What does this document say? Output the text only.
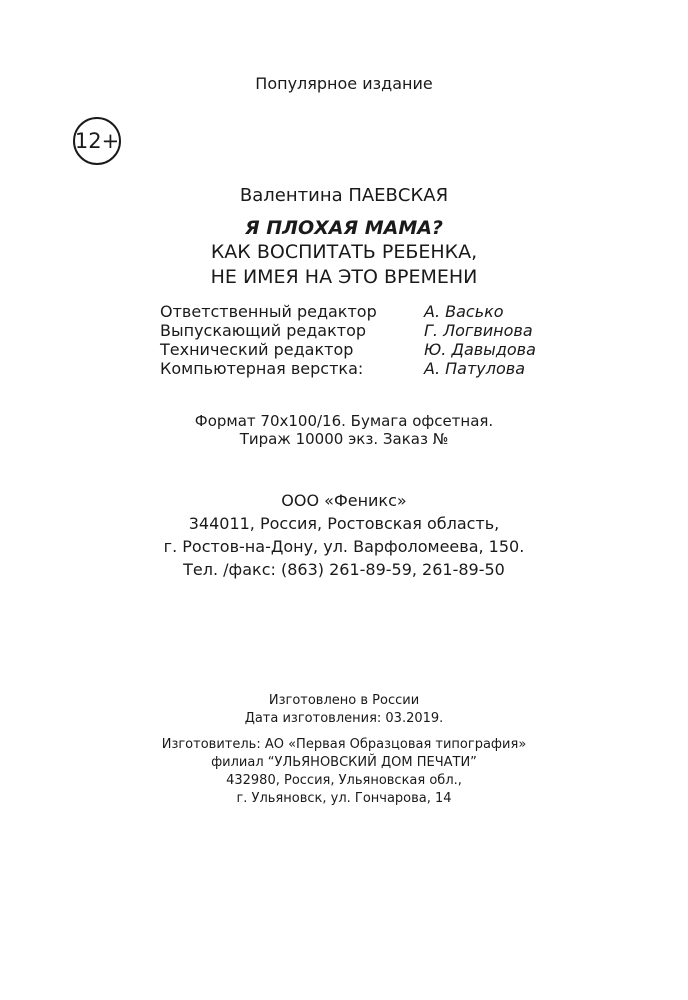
Популярное издание
12+
Валентина ПАЕВСКАЯ
Я ПЛОХАЯ МАМА?
КАК ВОСПИТАТЬ РЕБЕНКА,
НЕ ИМЕЯ НА ЭТО ВРЕМЕНИ
Ответственный редактор	А. Васько
Выпускающий редактор	Г. Логвинова
Технический редактор	Ю. Давыдова
Компьютерная верстка:	А. Патулова
Формат 70x100/16. Бумага офсетная.
Тираж 10000 экз. Заказ №
ООО «Феникс»
344011, Россия, Ростовская область,
г. Ростов-на-Дону, ул. Варфоломеева, 150.
Тел. /факс: (863) 261-89-59, 261-89-50
Изготовлено в России
Дата изготовления: 03.2019.
Изготовитель: АО «Первая Образцовая типография»
филиал “УЛЬЯНОВСКИЙ ДОМ ПЕЧАТИ”
432980, Россия, Ульяновская обл.,
г. Ульяновск, ул. Гончарова, 14
